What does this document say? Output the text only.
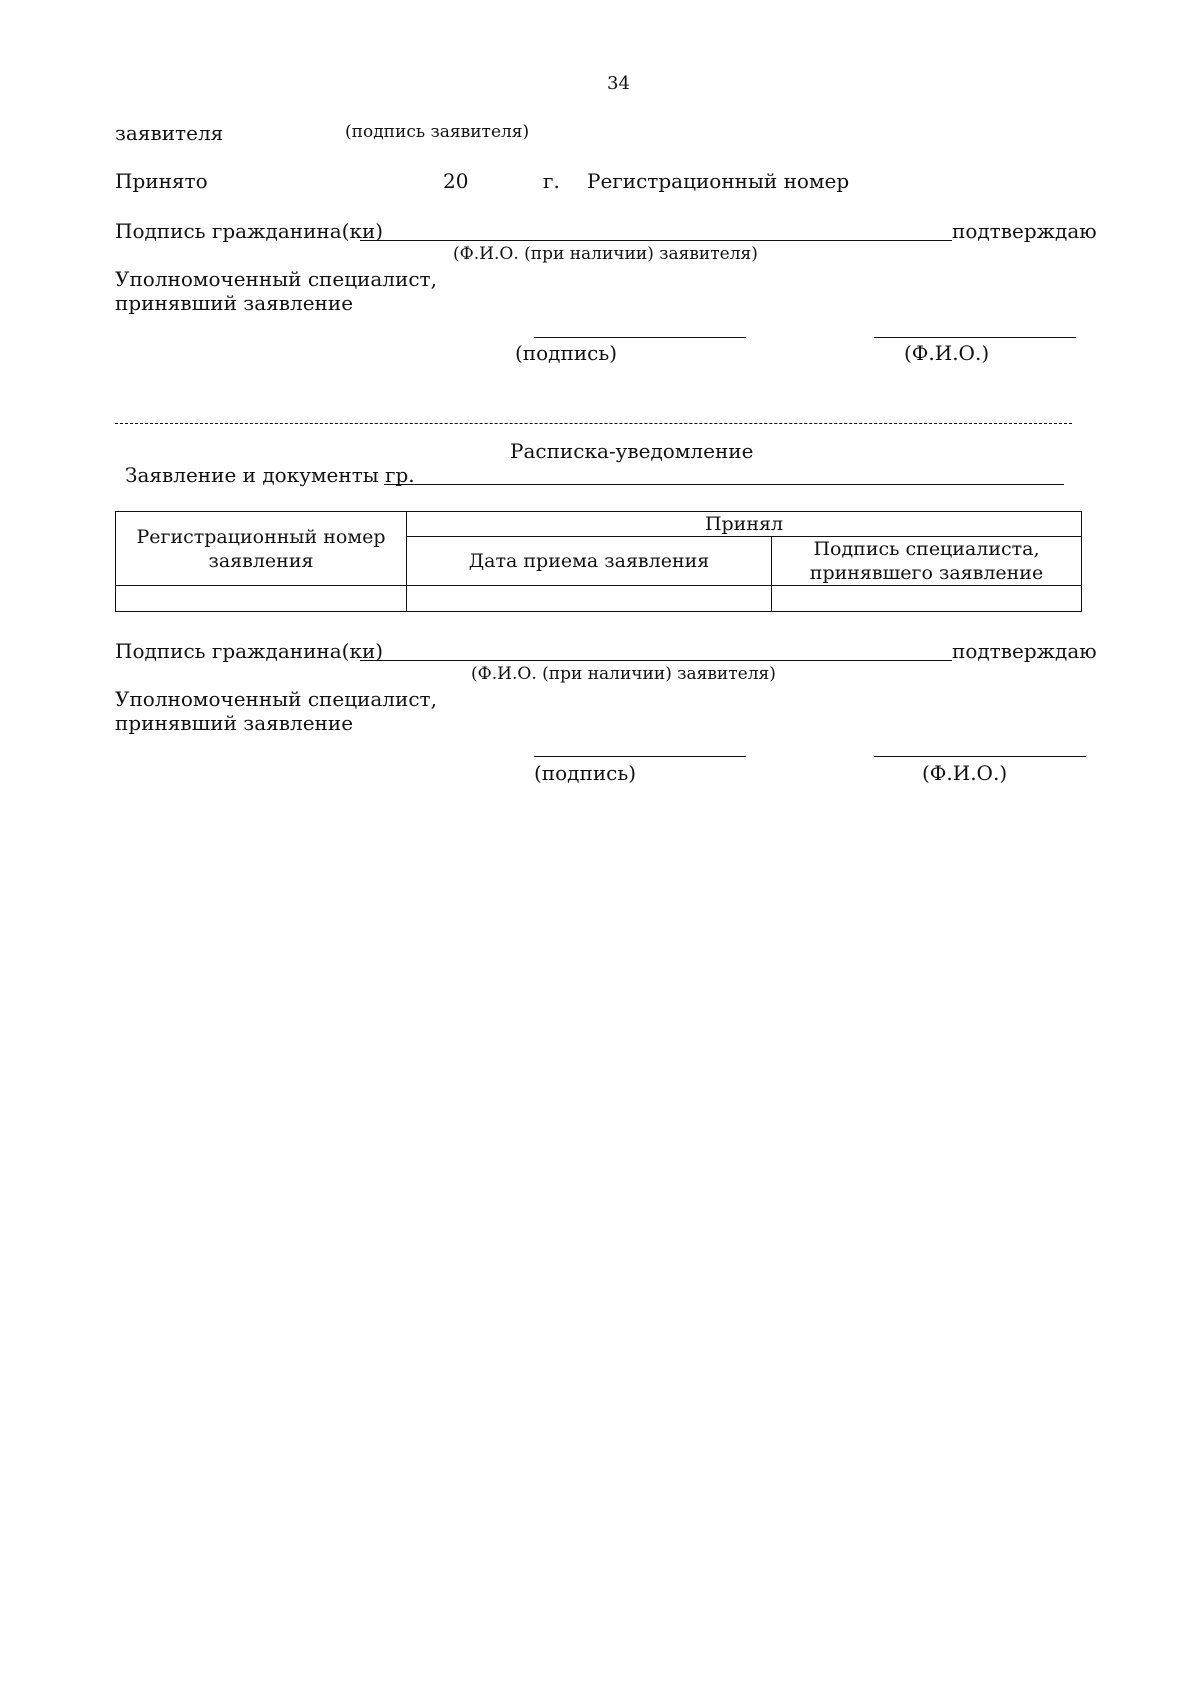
34
заявителя	(подпись заявителя)
Принято	20	г. Регистрационный номер
Подпись гражданина(ки)	подтверждаю
(Ф.И.О. (при наличии) заявителя)
Уполномоченный специалист,
принявший заявление
(подпись)	(Ф.И.О.)
Расписка-уведомление
Заявление и документы гр.
Регистрационный номер заявления	Принял	
	Дата приема заявления	Подпись специалиста, принявшего заявление

Подпись гражданина(ки)	подтверждаю
(Ф.И.О. (при наличии) заявителя)
Уполномоченный специалист,
принявший заявление
(подпись)	(Ф.И.О.)
